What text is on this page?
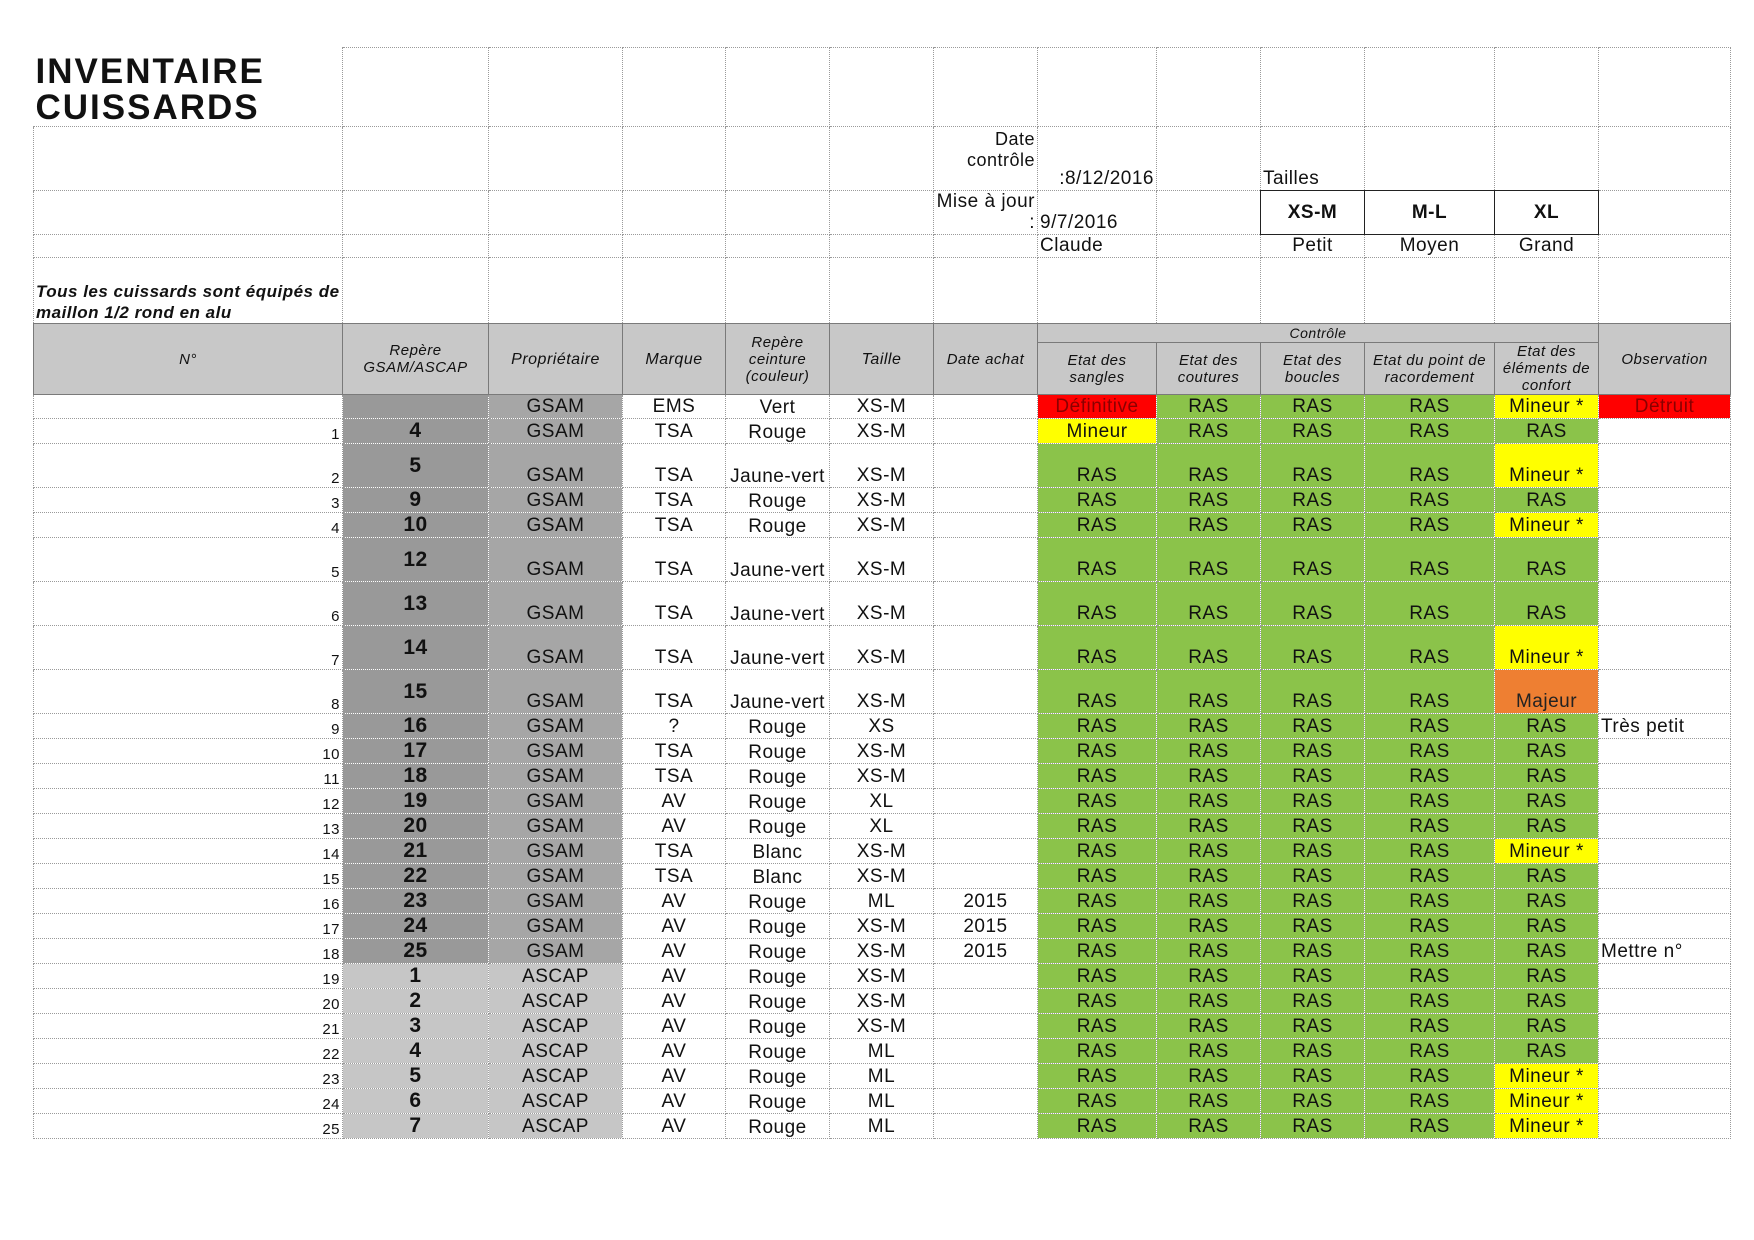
INVENTAIRE CUISSARDS												
						Date contrôle	:8/12/2016		Tailles			
						Mise à jour :	9/7/2016		XS-M	M-L	XL	
							Claude		Petit	Moyen	Grand	
Tous les cuissards sont équipés de maillon 1/2 rond en alu												
N°	Repère GSAM/ASCAP	Propriétaire	Marque	Repère ceinture (couleur)	Taille	Date achat	Contrôle					Observation
							Etat des sangles	Etat des coutures	Etat des boucles	Etat du point de racordement	Etat des éléments de confort	
		GSAM	EMS	Vert	XS-M		Définitive	RAS	RAS	RAS	Mineur *	Détruit
1	4	GSAM	TSA	Rouge	XS-M		Mineur	RAS	RAS	RAS	RAS	
2	5	GSAM	TSA	Jaune-vert	XS-M		RAS	RAS	RAS	RAS	Mineur *	
3	9	GSAM	TSA	Rouge	XS-M		RAS	RAS	RAS	RAS	RAS	
4	10	GSAM	TSA	Rouge	XS-M		RAS	RAS	RAS	RAS	Mineur *	
5	12	GSAM	TSA	Jaune-vert	XS-M		RAS	RAS	RAS	RAS	RAS	
6	13	GSAM	TSA	Jaune-vert	XS-M		RAS	RAS	RAS	RAS	RAS	
7	14	GSAM	TSA	Jaune-vert	XS-M		RAS	RAS	RAS	RAS	Mineur *	
8	15	GSAM	TSA	Jaune-vert	XS-M		RAS	RAS	RAS	RAS	Majeur	
9	16	GSAM	?	Rouge	XS		RAS	RAS	RAS	RAS	RAS	Très petit
10	17	GSAM	TSA	Rouge	XS-M		RAS	RAS	RAS	RAS	RAS	
11	18	GSAM	TSA	Rouge	XS-M		RAS	RAS	RAS	RAS	RAS	
12	19	GSAM	AV	Rouge	XL		RAS	RAS	RAS	RAS	RAS	
13	20	GSAM	AV	Rouge	XL		RAS	RAS	RAS	RAS	RAS	
14	21	GSAM	TSA	Blanc	XS-M		RAS	RAS	RAS	RAS	Mineur *	
15	22	GSAM	TSA	Blanc	XS-M		RAS	RAS	RAS	RAS	RAS	
16	23	GSAM	AV	Rouge	ML	2015	RAS	RAS	RAS	RAS	RAS	
17	24	GSAM	AV	Rouge	XS-M	2015	RAS	RAS	RAS	RAS	RAS	
18	25	GSAM	AV	Rouge	XS-M	2015	RAS	RAS	RAS	RAS	RAS	Mettre n°
19	1	ASCAP	AV	Rouge	XS-M		RAS	RAS	RAS	RAS	RAS	
20	2	ASCAP	AV	Rouge	XS-M		RAS	RAS	RAS	RAS	RAS	
21	3	ASCAP	AV	Rouge	XS-M		RAS	RAS	RAS	RAS	RAS	
22	4	ASCAP	AV	Rouge	ML		RAS	RAS	RAS	RAS	RAS	
23	5	ASCAP	AV	Rouge	ML		RAS	RAS	RAS	RAS	Mineur *	
24	6	ASCAP	AV	Rouge	ML		RAS	RAS	RAS	RAS	Mineur *	
25	7	ASCAP	AV	Rouge	ML		RAS	RAS	RAS	RAS	Mineur *	
